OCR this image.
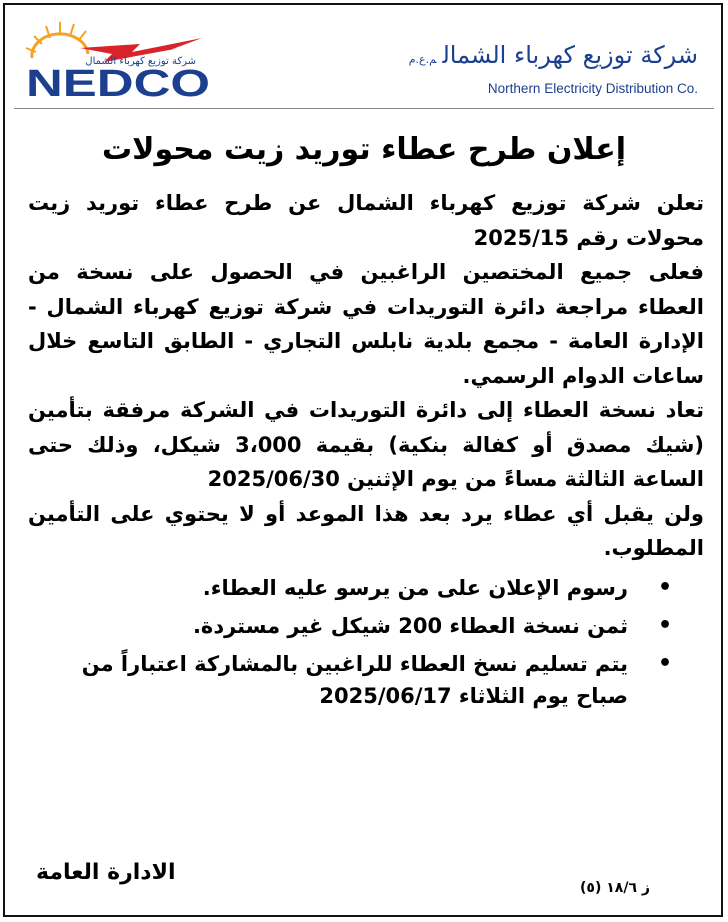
شركة توزيع كهرباء الشمال
NEDCO
شركة توزيع كهرباء الشمالم.ع.م
Northern Electricity Distribution Co.
إعلان طرح عطاء توريد زيت محولات

تعلن شركة توزيع كهرباء الشمال عن طرح عطاء توريد زيت محولات رقم 2025/15

فعلى جميع المختصين الراغبين في الحصول على نسخة من العطاء مراجعة دائرة التوريدات في شركة توزيع كهرباء الشمال - الإدارة العامة - مجمع بلدية نابلس التجاري - الطابق التاسع خلال ساعات الدوام الرسمي.

تعاد نسخة العطاء إلى دائرة التوريدات في الشركة مرفقة بتأمين (شيك مصدق أو كفالة بنكية) بقيمة 3،000 شيكل، وذلك حتى الساعة الثالثة مساءً من يوم الإثنين 2025/06/30

ولن يقبل أي عطاء يرد بعد هذا الموعد أو لا يحتوي على التأمين المطلوب.

•
رسوم الإعلان على من يرسو عليه العطاء.
•
ثمن نسخة العطاء 200 شيكل غير مستردة.
•
يتم تسليم نسخ العطاء للراغبين بالمشاركة اعتباراً من صباح يوم الثلاثاء 2025/06/17
الادارة العامة
ز ١٨/٦ (٥)
